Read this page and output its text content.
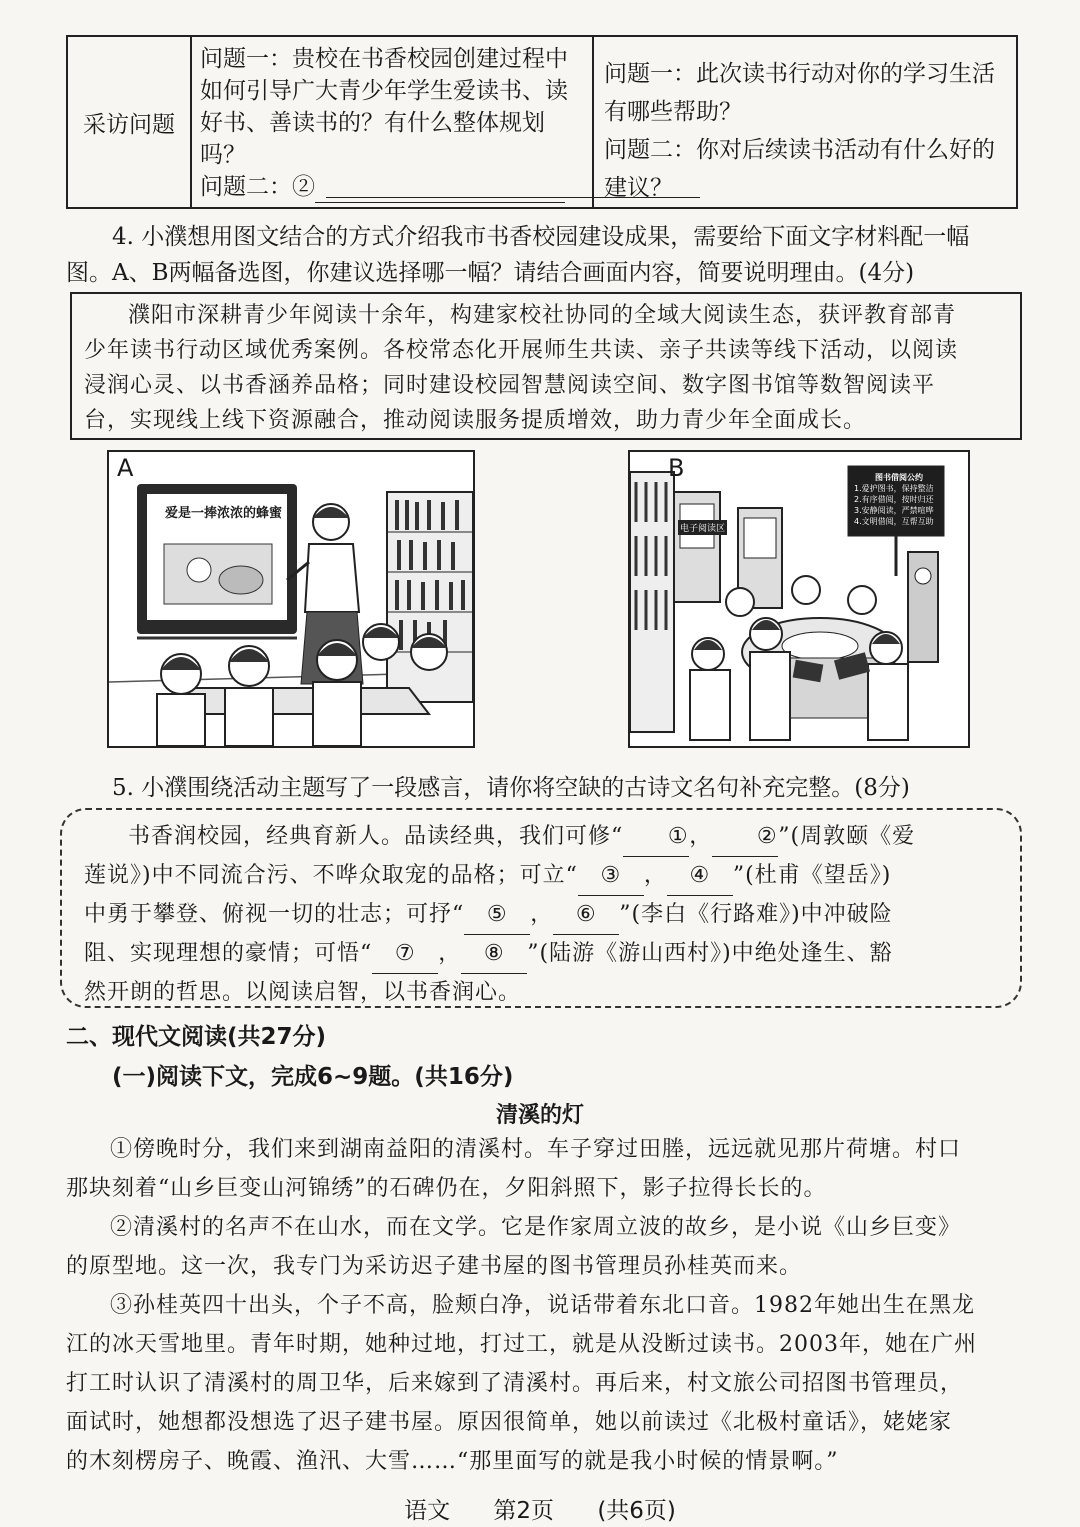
采访问题
问题一：贵校在书香校园创建过程中
如何引导广大青少年学生爱读书、读
好书、善读书的？有什么整体规划吗？
问题二：②
问题一：此次读书行动对你的学习生活
有哪些帮助？
问题二：你对后续读书活动有什么好的
建议？
4. 小濮想用图文结合的方式介绍我市书香校园建设成果，需要给下面文字材料配一幅
图。A、B两幅备选图，你建议选择哪一幅？请结合画面内容，简要说明理由。(4分)
濮阳市深耕青少年阅读十余年，构建家校社协同的全域大阅读生态，获评教育部青
少年读书行动区域优秀案例。各校常态化开展师生共读、亲子共读等线下活动，以阅读
浸润心灵、以书香涵养品格；同时建设校园智慧阅读空间、数字图书馆等数智阅读平
台，实现线上线下资源融合，推动阅读服务提质增效，助力青少年全面成长。
A
爱是一捧浓浓的蜂蜜
B
电子阅读区
图书借阅公约
1.爱护图书，保持整洁
2.有序借阅，按时归还
3.安静阅读，严禁喧哗
4.文明借阅，互帮互助
5. 小濮围绕活动主题写了一段感言，请你将空缺的古诗文名句补充完整。(8分)
书香润校园，经典育新人。品读经典，我们可修“ ①， ②”(周敦颐《爱
莲说》)中不同流合污、不哗众取宠的品格；可立“ ③ ， ④ ”(杜甫《望岳》)
中勇于攀登、俯视一切的壮志；可抒“ ⑤ ， ⑥ ”(李白《行路难》)中冲破险
阻、实现理想的豪情；可悟“ ⑦ ， ⑧ ”(陆游《游山西村》)中绝处逢生、豁
然开朗的哲思。以阅读启智，以书香润心。
二、现代文阅读(共27分)
(一)阅读下文，完成6~9题。(共16分)
清溪的灯
①傍晚时分，我们来到湖南益阳的清溪村。车子穿过田塍，远远就见那片荷塘。村口
那块刻着“山乡巨变山河锦绣”的石碑仍在，夕阳斜照下，影子拉得长长的。
②清溪村的名声不在山水，而在文学。它是作家周立波的故乡，是小说《山乡巨变》
的原型地。这一次，我专门为采访迟子建书屋的图书管理员孙桂英而来。
③孙桂英四十出头，个子不高，脸颊白净，说话带着东北口音。1982年她出生在黑龙
江的冰天雪地里。青年时期，她种过地，打过工，就是从没断过读书。2003年，她在广州
打工时认识了清溪村的周卫华，后来嫁到了清溪村。再后来，村文旅公司招图书管理员，
面试时，她想都没想选了迟子建书屋。原因很简单，她以前读过《北极村童话》，姥姥家
的木刻楞房子、晚霞、渔汛、大雪……“那里面写的就是我小时候的情景啊。”
语文 第2页 (共6页)
